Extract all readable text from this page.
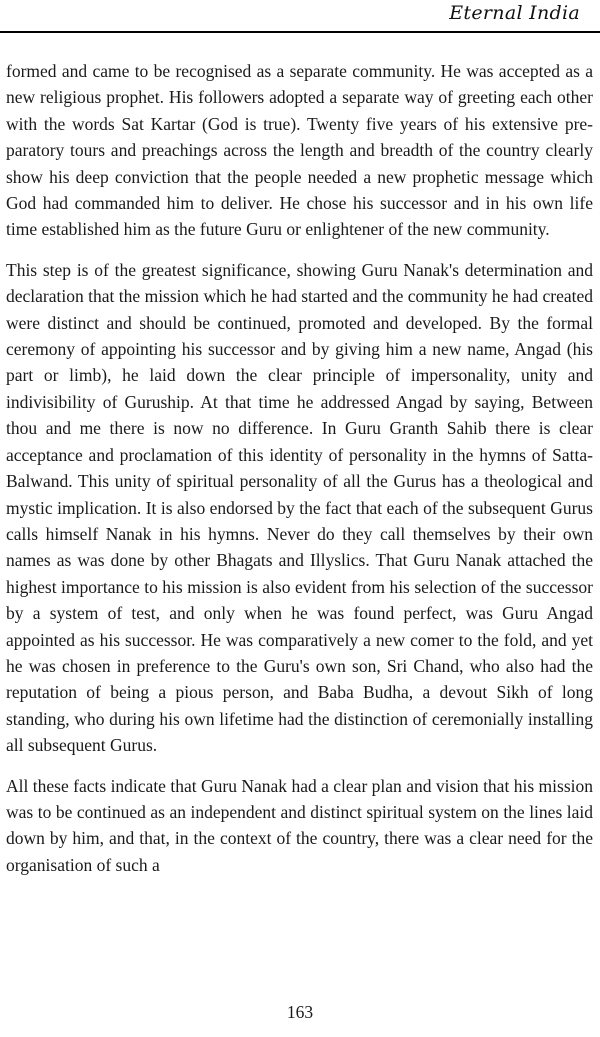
Eternal India

formed and came to be recognised as a separate community. He was accepted as a new religious prophet. His followers adopted a separate way of greeting each other with the words Sat Kartar (God is true). Twenty five years of his extensive pre- paratory tours and preachings across the length and breadth of the country clearly show his deep conviction that the people needed a new prophetic message which God had commanded him to deliver. He chose his successor and in his own life time established him as the future Guru or enlightener of the new community.

This step is of the greatest significance, showing Guru Nanak's determination and declaration that the mission which he had started and the community he had created were distinct and should be continued, promoted and developed. By the formal ceremony of appointing his successor and by giving him a new name, Angad (his part or limb), he laid down the clear principle of impersonality, unity and indivisibility of Guruship. At that time he addressed Angad by saying, Between thou and me there is now no difference. In Guru Granth Sahib there is clear acceptance and proclamation of this identity of personality in the hymns of Satta-Balwand. This unity of spiritual personality of all the Gurus has a theological and mystic implication. It is also endorsed by the fact that each of the subsequent Gurus calls himself Nanak in his hymns. Never do they call themselves by their own names as was done by other Bhagats and Illyslics. That Guru Nanak attached the highest importance to his mission is also evident from his selection of the successor by a system of test, and only when he was found perfect, was Guru Angad appointed as his successor. He was comparatively a new comer to the fold, and yet he was chosen in preference to the Guru's own son, Sri Chand, who also had the reputation of being a pious person, and Baba Budha, a devout Sikh of long standing, who during his own lifetime had the distinction of ceremonially installing all subsequent Gurus.

All these facts indicate that Guru Nanak had a clear plan and vision that his mission was to be continued as an independent and distinct spiritual system on the lines laid down by him, and that, in the context of the country, there was a clear need for the organisation of such a

163
